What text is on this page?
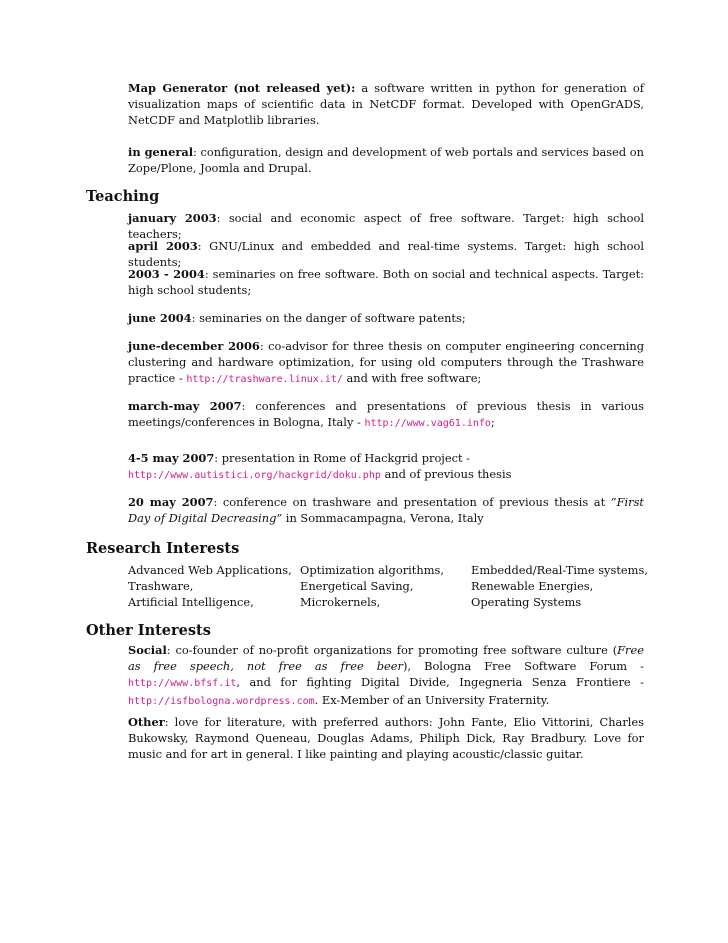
Map Generator (not released yet): a software written in python for generation of visualization maps of scientific data in NetCDF format. Developed with OpenGrADS, NetCDF and Matplotlib libraries.

in general: configuration, design and development of web portals and services based on Zope/Plone, Joomla and Drupal.

Teaching

january 2003: social and economic aspect of free software. Target: high school teachers;

april 2003: GNU/Linux and embedded and real-time systems. Target: high school students;

2003 - 2004: seminaries on free software. Both on social and technical aspects. Target: high school students;

june 2004: seminaries on the danger of software patents;

june-december 2006: co-advisor for three thesis on computer engineering concerning clustering and hardware optimization, for using old computers through the Trashware practice - http://trashware.linux.it/ and with free software;

march-may 2007: conferences and presentations of previous thesis in various meetings/conferences in Bologna, Italy - http://www.vag61.info;

4-5 may 2007: presentation in Rome of Hackgrid project -
http://www.autistici.org/hackgrid/doku.php and of previous thesis

20 may 2007: conference on trashware and presentation of previous thesis at ”First Day of Digital Decreasing” in Sommacampagna, Verona, Italy

Research Interests
Advanced Web Applications, Optimization algorithms,	Embedded/Real-Time systems,
Trashware,	Energetical Saving,	Renewable Energies,
Artificial Intelligence,	Microkernels,	Operating Systems
Other Interests

Social: co-founder of no-profit organizations for promoting free software culture (Free as free speech, not free as free beer), Bologna Free Software Forum - http://www.bfsf.it, and for fighting Digital Divide, Ingegneria Senza Frontiere - http://isfbologna.wordpress.com. Ex-Member of an University Fraternity.

Other: love for literature, with preferred authors: John Fante, Elio Vittorini, Charles Bukowsky, Raymond Queneau, Douglas Adams, Philiph Dick, Ray Bradbury. Love for music and for art in general. I like painting and playing acoustic/classic guitar.
